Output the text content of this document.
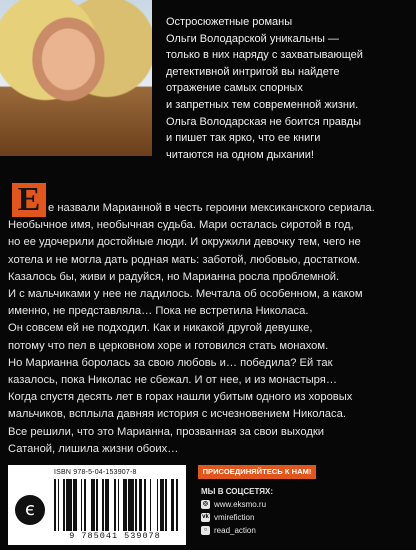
Остросюжетные романы
Ольги Володарской уникальны —
только в них наряду с захватывающей
детективной интригой вы найдете
отражение самых спорных
и запретных тем современной жизни.
Ольга Володарская не боится правды
и пишет так ярко, что ее книги
читаются на одном дыхании!
Е е назвали Марианной в честь героини мексиканского сериала.
Необычное имя, необычная судьба. Мари осталась сиротой в год,
но ее удочерили достойные люди. И окружили девочку тем, чего не
хотела и не могла дать родная мать: заботой, любовью, достатком.
Казалось бы, живи и радуйся, но Марианна росла проблемной.
И с мальчиками у нее не ладилось. Мечтала об особенном, а каком
именно, не представляла… Пока не встретила Николаса.
Он совсем ей не подходил. Как и никакой другой девушке,
потому что пел в церковном хоре и готовился стать монахом.
Но Марианна боролась за свою любовь и… победила? Ей так
казалось, пока Николас не сбежал. И от нее, и из монастыря…
Когда спустя десять лет в горах нашли убитым одного из хоровых
мальчиков, всплыла давняя история с исчезновением Николаса.
Все решили, что это Марианна, прозванная за свои выходки
Сатаной, лишила жизни обоих…
є
ISBN 978-5-04-153907-8
9 785041 539078
ПРИСОЕДИНЯЙТЕСЬ К НАМ!
МЫ В СОЦСЕТЯХ:
◎ www.eksmo.ru
vk vmirefiction
○ read_action
